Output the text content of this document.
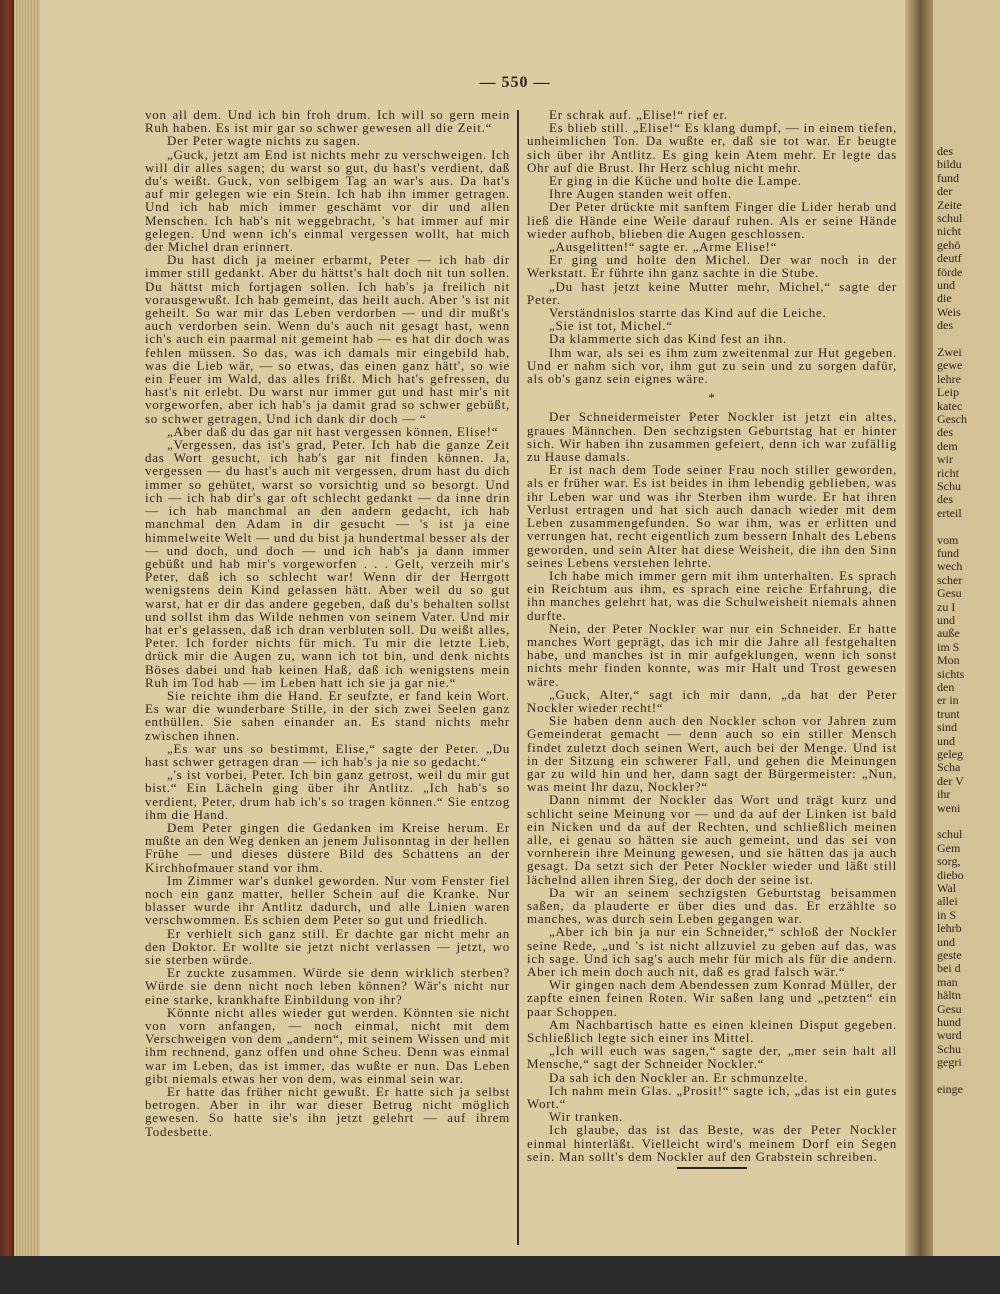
des
bildu
fund
der
Zeite
schul
nicht
gehö
deutf
förde
und
die
Weis
des
Zwei
gewe
lehre
Leip
katec
Gesch
des
dem
wir
richt
Schu
des
erteil
vom
fund
wech
scher
Gesu
zu I
und
auße
im S
Mon
sichts
den
er in
trunt
sind
und
geleg
Scha
der V
ihr
weni
schul
Gem
sorg,
diebo
Wal
allei
in S
lehrb
und
geste
bei d
man
hältn
Gesu
hund
wurd
Schu
gegri
einge
— 550 —

von all dem. Und ich bin froh drum. Ich will so gern mein Ruh haben. Es ist mir gar so schwer gewesen all die Zeit.“

Der Peter wagte nichts zu sagen.

„Guck, jetzt am End ist nichts mehr zu verschweigen. Ich will dir alles sagen; du warst so gut, du hast's verdient, daß du's weißt. Guck, von selbigem Tag an war's aus. Da hat's auf mir gelegen wie ein Stein. Ich hab ihn immer getragen. Und ich hab mich immer geschämt vor dir und allen Menschen. Ich hab's nit weggebracht, 's hat immer auf mir gelegen. Und wenn ich's einmal vergessen wollt, hat mich der Michel dran erinnert.

Du hast dich ja meiner erbarmt, Peter — ich hab dir immer still gedankt. Aber du hättst's halt doch nit tun sollen. Du hättst mich fortjagen sollen. Ich hab's ja freilich nit vorausgewußt. Ich hab gemeint, das heilt auch. Aber 's ist nit geheilt. So war mir das Leben verdorben — und dir mußt's auch verdorben sein. Wenn du's auch nit gesagt hast, wenn ich's auch ein paarmal nit gemeint hab — es hat dir doch was fehlen müssen. So das, was ich damals mir eingebild hab, was die Lieb wär, — so etwas, das einen ganz hätt', so wie ein Feuer im Wald, das alles frißt. Mich hat's gefressen, du hast's nit erlebt. Du warst nur immer gut und hast mir's nit vorgeworfen, aber ich hab's ja damit grad so schwer gebüßt, so schwer getragen, Und ich dank dir doch — “

„Aber daß du das gar nit hast vergessen können, Elise!“

„Vergessen, das ist's grad, Peter. Ich hab die ganze Zeit das Wort gesucht, ich hab's gar nit finden können. Ja, vergessen — du hast's auch nit vergessen, drum hast du dich immer so gehütet, warst so vorsichtig und so besorgt. Und ich — ich hab dir's gar oft schlecht gedankt — da inne drin — ich hab manchmal an den andern gedacht, ich hab manchmal den Adam in dir gesucht — 's ist ja eine himmelweite Welt — und du bist ja hundertmal besser als der — und doch, und doch — und ich hab's ja dann immer gebüßt und hab mir's vorgeworfen . . . Gelt, verzeih mir's Peter, daß ich so schlecht war! Wenn dir der Herrgott wenigstens dein Kind gelassen hätt. Aber weil du so gut warst, hat er dir das andere gegeben, daß du's behalten sollst und sollst ihm das Wilde nehmen von seinem Vater. Und mir hat er's gelassen, daß ich dran verbluten soll. Du weißt alles, Peter. Ich forder nichts für mich. Tu mir die letzte Lieb, drück mir die Augen zu, wann ich tot bin, und denk nichts Böses dabei und hab keinen Haß, daß ich wenigstens mein Ruh im Tod hab — im Leben hatt ich sie ja gar nie.“

Sie reichte ihm die Hand. Er seufzte, er fand kein Wort. Es war die wunderbare Stille, in der sich zwei Seelen ganz enthüllen. Sie sahen einander an. Es stand nichts mehr zwischen ihnen.

„Es war uns so bestimmt, Elise,“ sagte der Peter. „Du hast schwer getragen dran — ich hab's ja nie so gedacht.“

„'s ist vorbei, Peter. Ich bin ganz getrost, weil du mir gut bist.“ Ein Lächeln ging über ihr Antlitz. „Ich hab's so verdient, Peter, drum hab ich's so tragen können.“ Sie entzog ihm die Hand.

Dem Peter gingen die Gedanken im Kreise herum. Er mußte an den Weg denken an jenem Julisonntag in der hellen Frühe — und dieses düstere Bild des Schattens an der Kirchhofmauer stand vor ihm.

Im Zimmer war's dunkel geworden. Nur vom Fenster fiel noch ein ganz matter, heller Schein auf die Kranke. Nur blasser wurde ihr Antlitz dadurch, und alle Linien waren verschwommen. Es schien dem Peter so gut und friedlich.

Er verhielt sich ganz still. Er dachte gar nicht mehr an den Doktor. Er wollte sie jetzt nicht verlassen — jetzt, wo sie sterben würde.

Er zuckte zusammen. Würde sie denn wirklich sterben? Würde sie denn nicht noch leben können? Wär's nicht nur eine starke, krankhafte Einbildung von ihr?

Könnte nicht alles wieder gut werden. Könnten sie nicht von vorn anfangen, — noch einmal, nicht mit dem Verschweigen von dem „andern“, mit seinem Wissen und mit ihm rechnend, ganz offen und ohne Scheu. Denn was einmal war im Leben, das ist immer, das wußte er nun. Das Leben gibt niemals etwas her von dem, was einmal sein war.

Er hatte das früher nicht gewußt. Er hatte sich ja selbst betrogen. Aber in ihr war dieser Betrug nicht möglich gewesen. So hatte sie's ihn jetzt gelehrt — auf ihrem Todesbette.

Er schrak auf. „Elise!“ rief er.

Es blieb still. „Elise!“ Es klang dumpf, — in einem tiefen, unheimlichen Ton. Da wußte er, daß sie tot war. Er beugte sich über ihr Antlitz. Es ging kein Atem mehr. Er legte das Ohr auf die Brust. Ihr Herz schlug nicht mehr.

Er ging in die Küche und holte die Lampe.

Ihre Augen standen weit offen.

Der Peter drückte mit sanftem Finger die Lider herab und ließ die Hände eine Weile darauf ruhen. Als er seine Hände wieder aufhob, blieben die Augen geschlossen.

„Ausgelitten!“ sagte er. „Arme Elise!“

Er ging und holte den Michel. Der war noch in der Werkstatt. Er führte ihn ganz sachte in die Stube.

„Du hast jetzt keine Mutter mehr, Michel,“ sagte der Peter.

Verständnislos starrte das Kind auf die Leiche.

„Sie ist tot, Michel.“

Da klammerte sich das Kind fest an ihn.

Ihm war, als sei es ihm zum zweitenmal zur Hut gegeben. Und er nahm sich vor, ihm gut zu sein und zu sorgen dafür, als ob's ganz sein eignes wäre.

*

Der Schneidermeister Peter Nockler ist jetzt ein altes, graues Männchen. Den sechzigsten Geburtstag hat er hinter sich. Wir haben ihn zusammen gefeiert, denn ich war zufällig zu Hause damals.

Er ist nach dem Tode seiner Frau noch stiller geworden, als er früher war. Es ist beides in ihm lebendig geblieben, was ihr Leben war und was ihr Sterben ihm wurde. Er hat ihren Verlust ertragen und hat sich auch danach wieder mit dem Leben zusammengefunden. So war ihm, was er erlitten und verrungen hat, recht eigentlich zum bessern Inhalt des Lebens geworden, und sein Alter hat diese Weisheit, die ihn den Sinn seines Lebens verstehen lehrte.

Ich habe mich immer gern mit ihm unterhalten. Es sprach ein Reichtum aus ihm, es sprach eine reiche Erfahrung, die ihn manches gelehrt hat, was die Schulweisheit niemals ahnen durfte.

Nein, der Peter Nockler war nur ein Schneider. Er hatte manches Wort geprägt, das ich mir die Jahre all festgehalten habe, und manches ist in mir aufgeklungen, wenn ich sonst nichts mehr finden konnte, was mir Halt und Trost gewesen wäre.

„Guck, Alter,“ sagt ich mir dann, „da hat der Peter Nockler wieder recht!“

Sie haben denn auch den Nockler schon vor Jahren zum Gemeinderat gemacht — denn auch so ein stiller Mensch findet zuletzt doch seinen Wert, auch bei der Menge. Und ist in der Sitzung ein schwerer Fall, und gehen die Meinungen gar zu wild hin und her, dann sagt der Bürgermeister: „Nun, was meint Ihr dazu, Nockler?“

Dann nimmt der Nockler das Wort und trägt kurz und schlicht seine Meinung vor — und da auf der Linken ist bald ein Nicken und da auf der Rechten, und schließlich meinen alle, ei genau so hätten sie auch gemeint, und das sei von vornherein ihre Meinung gewesen, und sie hätten das ja auch gesagt. Da setzt sich der Peter Nockler wieder und läßt still lächelnd allen ihren Sieg, der doch der seine ist.

Da wir an seinem sechzigsten Geburtstag beisammen saßen, da plauderte er über dies und das. Er erzählte so manches, was durch sein Leben gegangen war.

„Aber ich bin ja nur ein Schneider,“ schloß der Nockler seine Rede, „und 's ist nicht allzuviel zu geben auf das, was ich sage. Und ich sag's auch mehr für mich als für die andern. Aber ich mein doch auch nit, daß es grad falsch wär.“

Wir gingen nach dem Abendessen zum Konrad Müller, der zapfte einen feinen Roten. Wir saßen lang und „petzten“ ein paar Schoppen.

Am Nachbartisch hatte es einen kleinen Disput gegeben. Schließlich legte sich einer ins Mittel.

„Ich will euch was sagen,“ sagte der, „mer sein halt all Mensche,“ sagt der Schneider Nockler.“

Da sah ich den Nockler an. Er schmunzelte.

Ich nahm mein Glas. „Prosit!“ sagte ich, „das ist ein gutes Wort.“

Wir tranken.

Ich glaube, das ist das Beste, was der Peter Nockler einmal hinterläßt. Vielleicht wird's meinem Dorf ein Segen sein. Man sollt's dem Nockler auf den Grabstein schreiben.
